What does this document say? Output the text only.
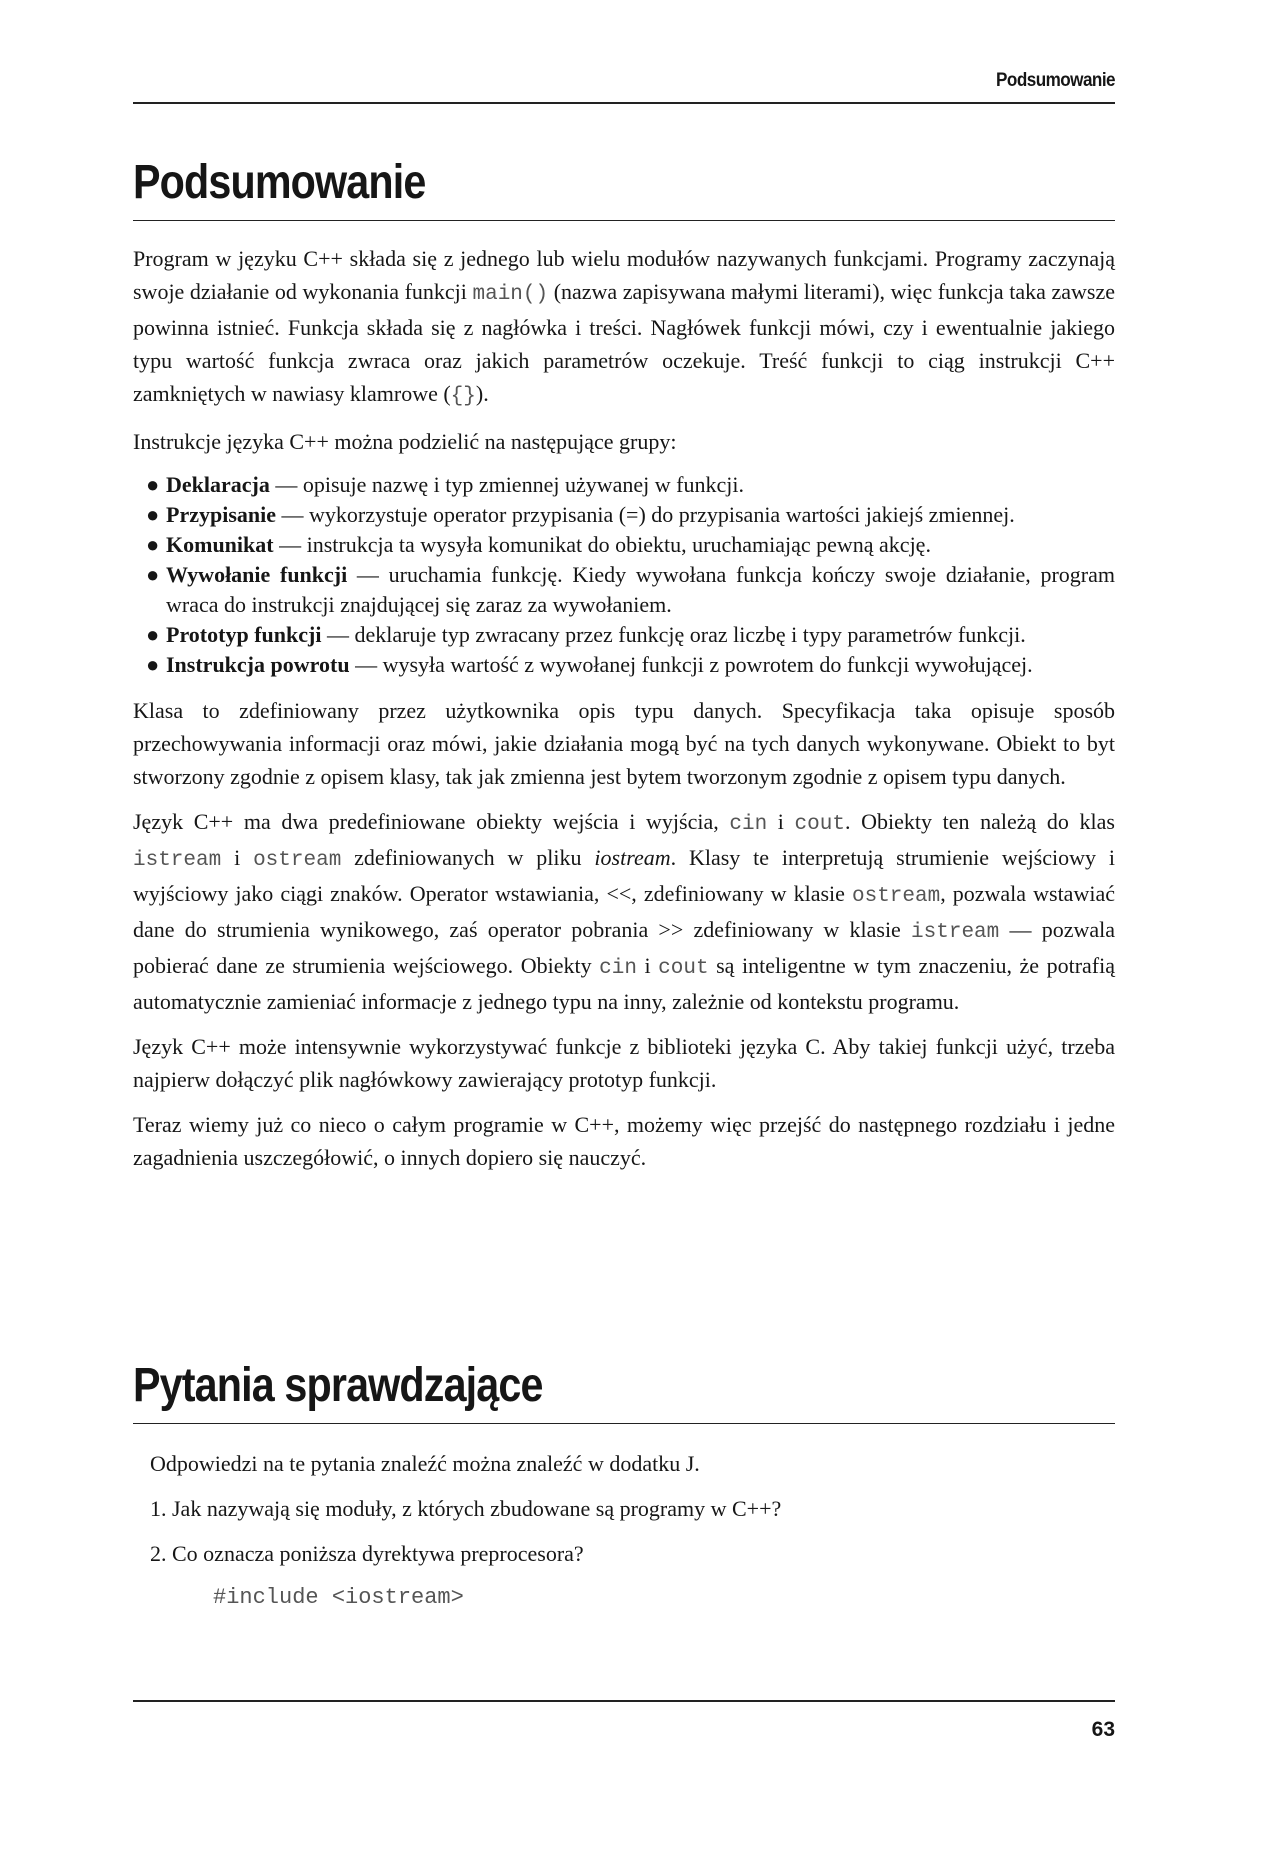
Podsumowanie
Podsumowanie

Program w języku C++ składa się z jednego lub wielu modułów nazywanych funkcjami. Programy zaczynają swoje działanie od wykonania funkcji main() (nazwa zapisywana małymi literami), więc funkcja taka zawsze powinna istnieć. Funkcja składa się z nagłówka i treści. Nagłówek funkcji mówi, czy i ewentualnie jakiego typu wartość funkcja zwraca oraz jakich parametrów oczekuje. Treść funkcji to ciąg instrukcji C++ zamkniętych w nawiasy klamrowe ({}).

Instrukcje języka C++ można podzielić na następujące grupy:

● Deklaracja — opisuje nazwę i typ zmiennej używanej w funkcji.
● Przypisanie — wykorzystuje operator przypisania (=) do przypisania wartości jakiejś zmiennej.
● Komunikat — instrukcja ta wysyła komunikat do obiektu, uruchamiając pewną akcję.
● Wywołanie funkcji — uruchamia funkcję. Kiedy wywołana funkcja kończy swoje działanie, program wraca do instrukcji znajdującej się zaraz za wywołaniem.
● Prototyp funkcji — deklaruje typ zwracany przez funkcję oraz liczbę i typy parametrów funkcji.
● Instrukcja powrotu — wysyła wartość z wywołanej funkcji z powrotem do funkcji wywołującej.

Klasa to zdefiniowany przez użytkownika opis typu danych. Specyfikacja taka opisuje sposób przechowywania informacji oraz mówi, jakie działania mogą być na tych danych wykonywane. Obiekt to byt stworzony zgodnie z opisem klasy, tak jak zmienna jest bytem tworzonym zgodnie z opisem typu danych.

Język C++ ma dwa predefiniowane obiekty wejścia i wyjścia, cin i cout. Obiekty ten należą do klas istream i ostream zdefiniowanych w pliku iostream. Klasy te interpretują strumienie wejściowy i wyjściowy jako ciągi znaków. Operator wstawiania, <<, zdefiniowany w klasie ostream, pozwala wstawiać dane do strumienia wynikowego, zaś operator pobrania >> zdefiniowany w klasie istream — pozwala pobierać dane ze strumienia wejściowego. Obiekty cin i cout są inteligentne w tym znaczeniu, że potrafią automatycznie zamieniać informacje z jednego typu na inny, zależnie od kontekstu programu.

Język C++ może intensywnie wykorzystywać funkcje z biblioteki języka C. Aby takiej funkcji użyć, trzeba najpierw dołączyć plik nagłówkowy zawierający prototyp funkcji.

Teraz wiemy już co nieco o całym programie w C++, możemy więc przejść do następnego rozdziału i jedne zagadnienia uszczegółowić, o innych dopiero się nauczyć.

Pytania sprawdzające

Odpowiedzi na te pytania znaleźć można znaleźć w dodatku J.

1. Jak nazywają się moduły, z których zbudowane są programy w C++?

2. Co oznacza poniższa dyrektywa preprocesora?

#include <iostream>
63
